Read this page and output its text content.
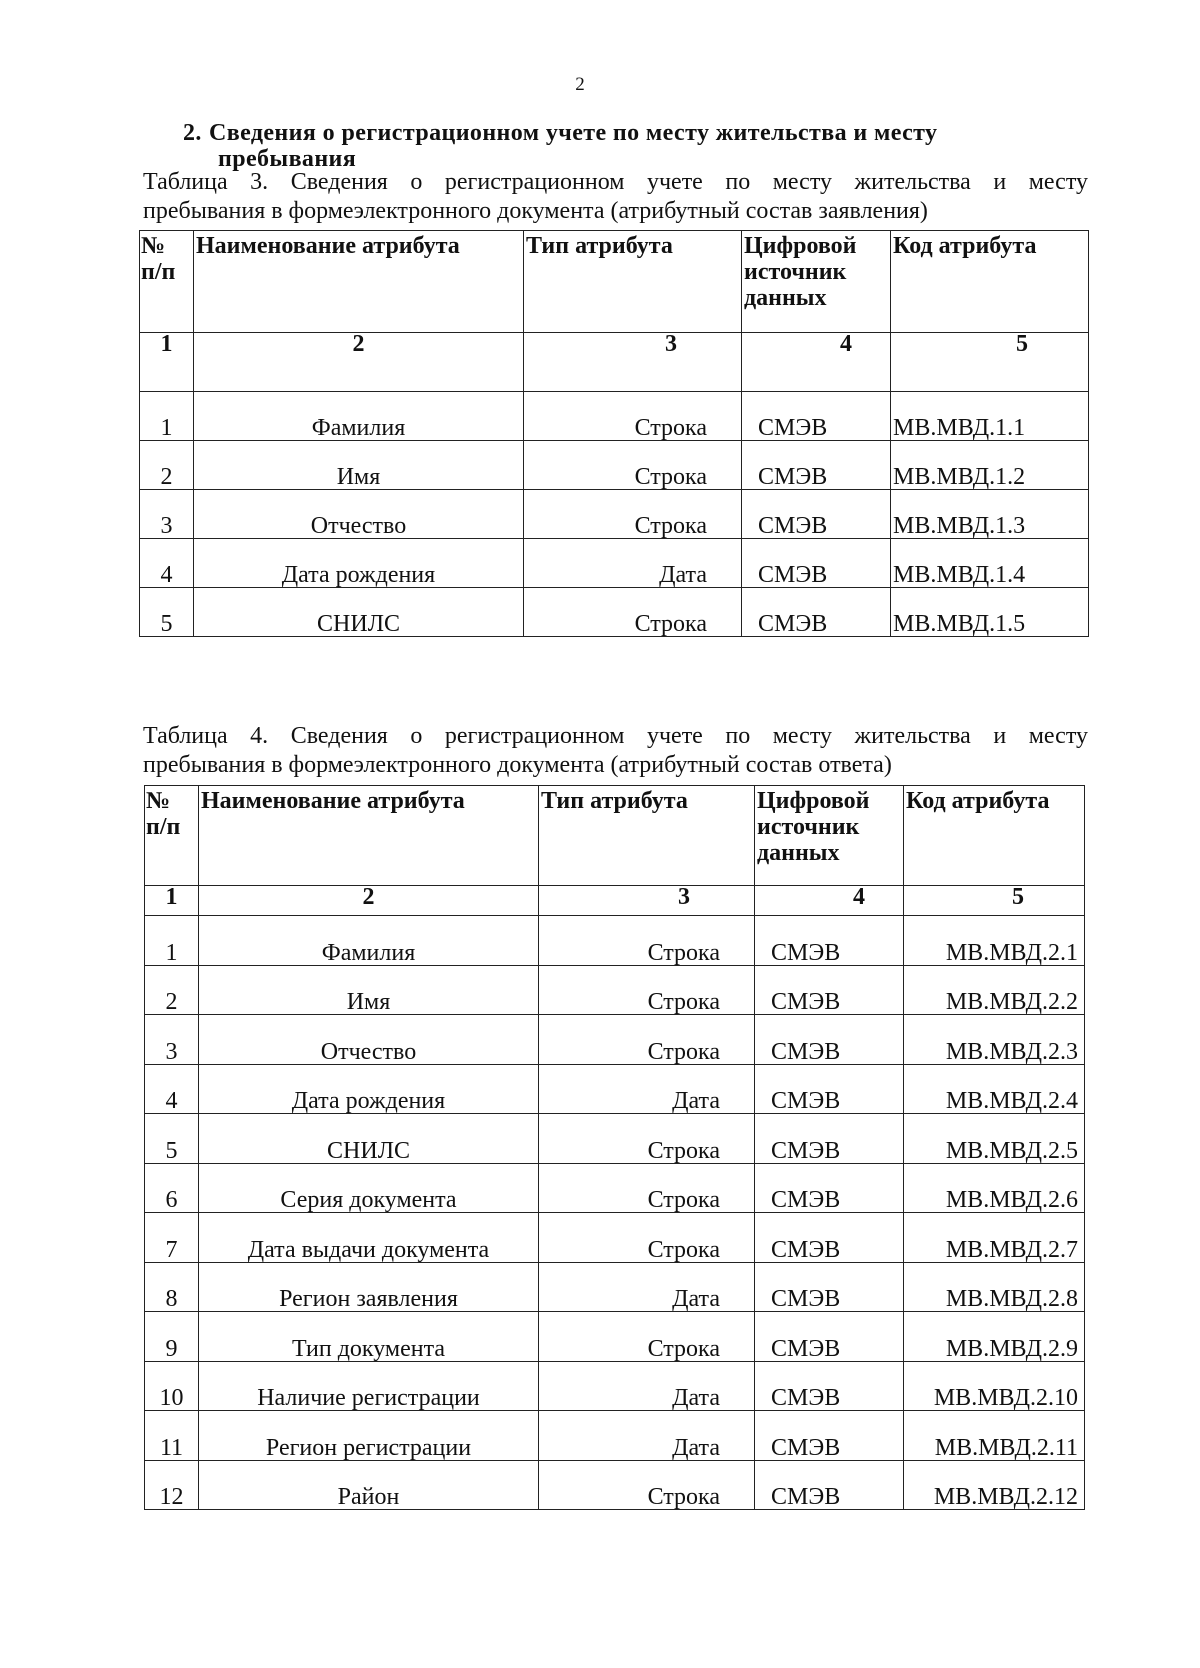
2
2. Сведения о регистрационном учете по месту жительства и месту
пребывания
Таблица 3. Сведения о регистрационном учете по месту жительства и месту
пребывания в формеэлектронного документа (атрибутный состав заявления)
№ п/п	Наименование атрибута	Тип атрибута	Цифровой источник данных	Код атрибута
1	2	3	4	5
1	Фамилия	Строка	СМЭВ	МВ.МВД.1.1
2	Имя	Строка	СМЭВ	МВ.МВД.1.2
3	Отчество	Строка	СМЭВ	МВ.МВД.1.3
4	Дата рождения	Дата	СМЭВ	МВ.МВД.1.4
5	СНИЛС	Строка	СМЭВ	МВ.МВД.1.5
Таблица 4. Сведения о регистрационном учете по месту жительства и месту
пребывания в формеэлектронного документа (атрибутный состав ответа)
№ п/п	Наименование атрибута	Тип атрибута	Цифровой источник данных	Код атрибута
1	2	3	4	5
1	Фамилия	Строка	СМЭВ	МВ.МВД.2.1
2	Имя	Строка	СМЭВ	МВ.МВД.2.2
3	Отчество	Строка	СМЭВ	МВ.МВД.2.3
4	Дата рождения	Дата	СМЭВ	МВ.МВД.2.4
5	СНИЛС	Строка	СМЭВ	МВ.МВД.2.5
6	Серия документа	Строка	СМЭВ	МВ.МВД.2.6
7	Дата выдачи документа	Строка	СМЭВ	МВ.МВД.2.7
8	Регион заявления	Дата	СМЭВ	МВ.МВД.2.8
9	Тип документа	Строка	СМЭВ	МВ.МВД.2.9
10	Наличие регистрации	Дата	СМЭВ	МВ.МВД.2.10
11	Регион регистрации	Дата	СМЭВ	МВ.МВД.2.11
12	Район	Строка	СМЭВ	МВ.МВД.2.12
